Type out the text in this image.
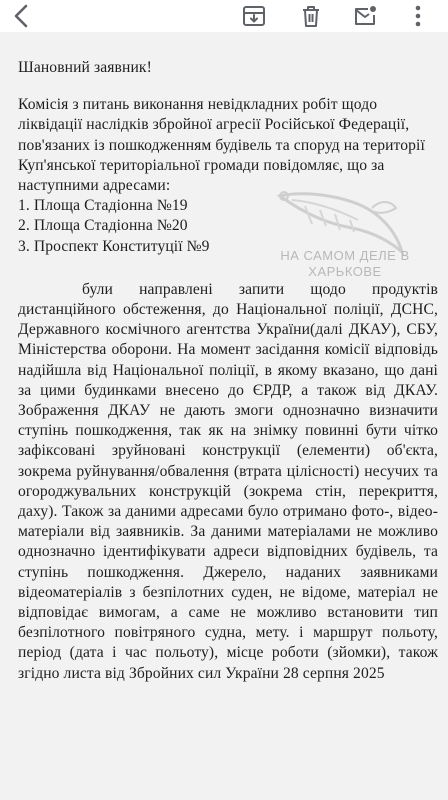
Шановний заявник!

Комісія з питань виконання невідкладних робіт щодо ліквідації наслідків збройної агресії Російської Федерації, пов'язаних із пошкодженням будівель та споруд на території Куп'янської територіальної громади повідомляє, що за наступними адресами:

1. Площа Стадіонна №19
2. Площа Стадіонна №20
3. Проспект Конституції №9

були направлені запити щодо продуктів дистанційного обстеження, до Національної поліції, ДСНС, Державного космічного агентства України(далі ДКАУ), СБУ, Міністерства оборони. На момент засідання комісії відповідь надійшла від Національної поліції, в якому вказано, що дані за цими будинками внесено до ЄРДР, а також від ДКАУ. Зображення ДКАУ не дають змоги однозначно визначити ступінь пошкодження, так як на знімку повинні бути чітко зафіксовані зруйновані конструкції (елементи) об'єкта, зокрема руйнування/обвалення (втрата цілісності) несучих та огороджувальних конструкцій (зокрема стін, перекриття, даху). Також за даними адресами було отримано фото-, відео- матеріали від заявників. За даними матеріалами не можливо однозначно ідентифікувати адреси відповідних будівель, та ступінь пошкодження. Джерело, наданих заявниками відеоматеріалів з безпілотних суден, не відоме, матеріал не відповідає вимогам, а саме не можливо встановити тип безпілотного повітряного судна, мету. і маршрут польоту, період (дата і час польоту), місце роботи (зйомки), також згідно листа від Збройних сил України 28 серпня 2025

НА САМОМ ДЕЛЕ В
ХАРЬКОВЕ
